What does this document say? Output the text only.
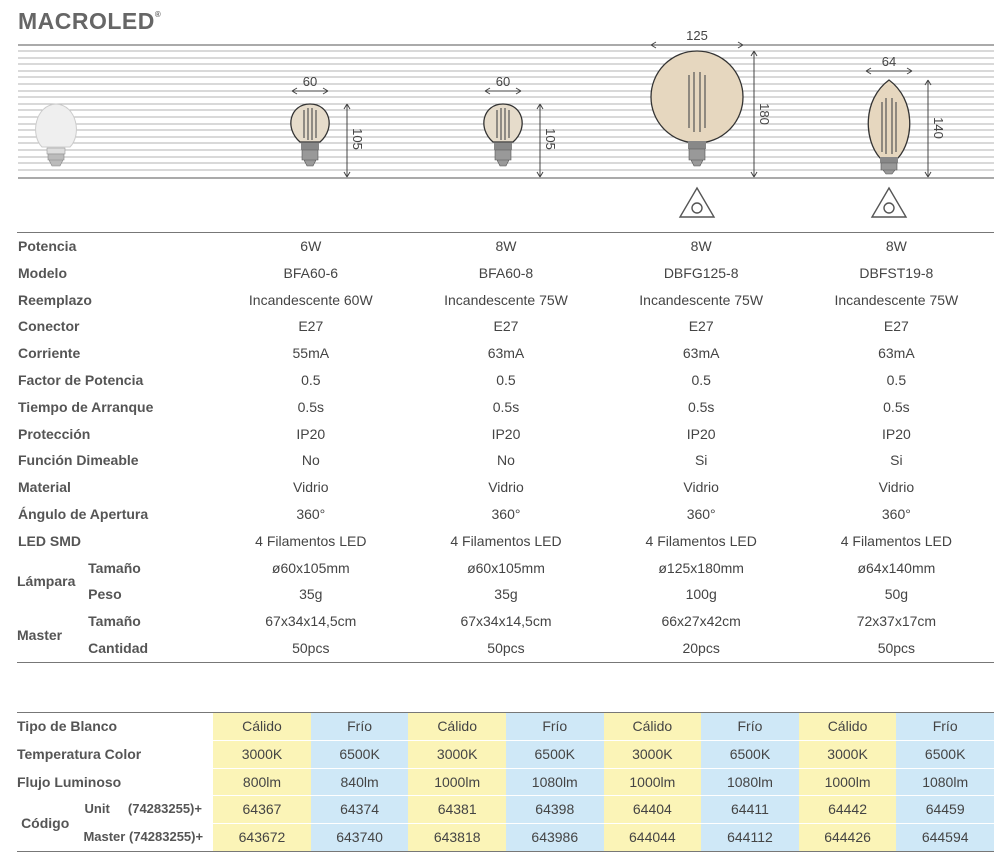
MACROLED®
60
105
60
105
125
180
64
140
Potencia		6W	8W	8W	8W
Modelo		BFA60-6	BFA60-8	DBFG125-8	DBFST19-8
Reemplazo		Incandescente 60W	Incandescente 75W	Incandescente 75W	Incandescente 75W
Conector		E27	E27	E27	E27
Corriente		55mA	63mA	63mA	63mA
Factor de Potencia		0.5	0.5	0.5	0.5
Tiempo de Arranque		0.5s	0.5s	0.5s	0.5s
Protección		IP20	IP20	IP20	IP20
Función Dimeable		No	No	Si	Si
Material		Vidrio	Vidrio	Vidrio	Vidrio
Ángulo de Apertura		360°	360°	360°	360°
LED SMD		4 Filamentos LED	4 Filamentos LED	4 Filamentos LED	4 Filamentos LED
Lámpara	Tamaño	ø60x105mm	ø60x105mm	ø125x180mm	ø64x140mm
	Peso	35g	35g	100g	50g
Master	Tamaño	67x34x14,5cm	67x34x14,5cm	66x27x42cm	72x37x17cm
	Cantidad	50pcs	50pcs	20pcs	50pcs
Tipo de Blanco		Cálido	Frío	Cálido	Frío	Cálido	Frío	Cálido	Frío
Temperatura Color		3000K	6500K	3000K	6500K	3000K	6500K	3000K	6500K
Flujo Luminoso		800lm	840lm	1000lm	1080lm	1000lm	1080lm	1000lm	1080lm
Código	Unit (74283255)+	64367	64374	64381	64398	64404	64411	64442	64459
	Master (74283255)+	643672	643740	643818	643986	644044	644112	644426	644594
